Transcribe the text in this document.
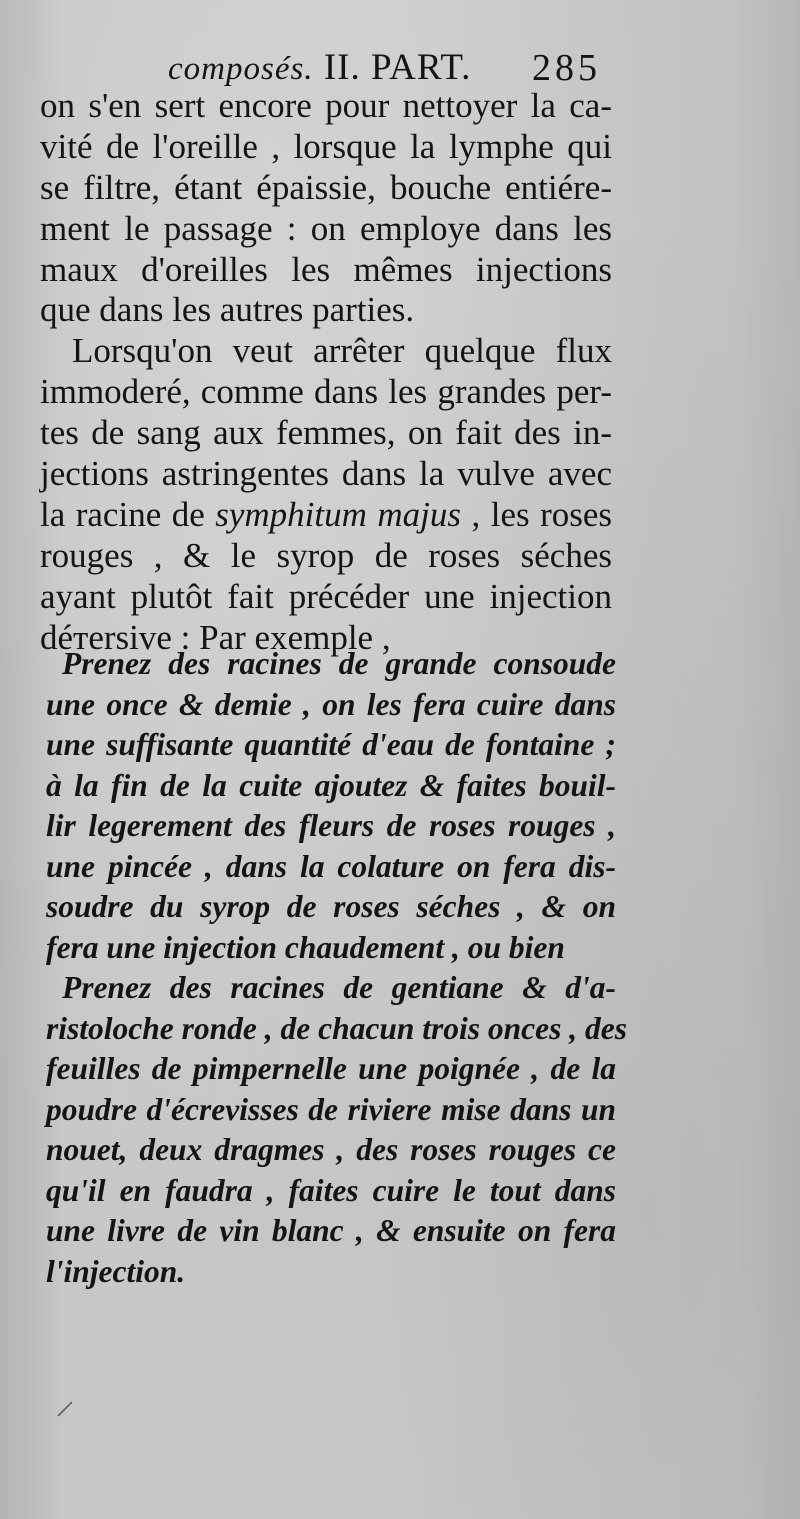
composés. II. PART. 285
on s'en sert encore pour nettoyer la ca-
vité de l'oreille , lorsque la lymphe qui
se filtre, étant épaissie, bouche entiére-
ment le passage : on employe dans les
maux d'oreilles les mêmes injections
que dans les autres parties.
Lorsqu'on veut arrêter quelque flux
immoderé, comme dans les grandes per-
tes de sang aux femmes, on fait des in-
jections astringentes dans la vulve avec
la racine de symphitum majus , les roses
rouges , & le syrop de roses séches
ayant plutôt fait précéder une injection
déтersive : Par exemple ,
Prenez des racines de grande consoude
une once & demie , on les fera cuire dans
une suffisante quantité d'eau de fontaine ;
à la fin de la cuite ajoutez & faites bouil-
lir legerement des fleurs de roses rouges ,
une pincée , dans la colature on fera dis-
soudre du syrop de roses séches , & on
fera une injection chaudement , ou bien
Prenez des racines de gentiane & d'a-
ristoloche ronde , de chacun trois onces , des
feuilles de pimpernelle une poignée , de la
poudre d'écrevisses de riviere mise dans un
nouet, deux dragmes , des roses rouges ce
qu'il en faudra , faites cuire le tout dans
une livre de vin blanc , & ensuite on fera
l'injection.
